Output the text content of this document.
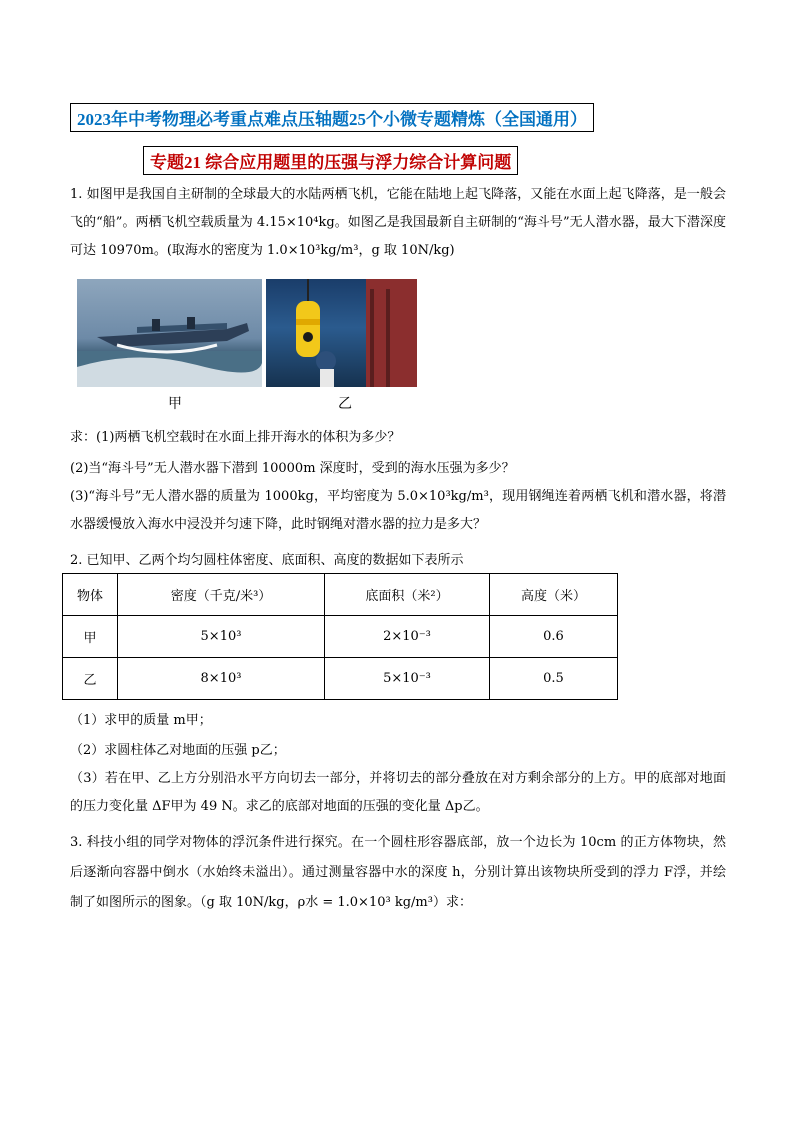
2023年中考物理必考重点难点压轴题25个小微专题精炼（全国通用）
专题21 综合应用题里的压强与浮力综合计算问题
1. 如图甲是我国自主研制的全球最大的水陆两栖飞机，它能在陆地上起飞降落，又能在水面上起飞降落，是一般会飞的“船”。两栖飞机空载质量为 4.15×10⁴kg。如图乙是我国最新自主研制的“海斗号”无人潜水器，最大下潜深度可达 10970m。(取海水的密度为 1.0×10³kg/m³，g 取 10N/kg)
甲	乙
求：(1)两栖飞机空载时在水面上排开海水的体积为多少？
(2)当“海斗号”无人潜水器下潜到 10000m 深度时，受到的海水压强为多少？
(3)“海斗号”无人潜水器的质量为 1000kg，平均密度为 5.0×10³kg/m³，现用钢绳连着两栖飞机和潜水器，将潜水器缓慢放入海水中浸没并匀速下降，此时钢绳对潜水器的拉力是多大？
2. 已知甲、乙两个均匀圆柱体密度、底面积、高度的数据如下表所示
物体	密度（千克/米³）	底面积（米²）	高度（米）
甲	5×10³	2×10⁻³	0.6
乙	8×10³	5×10⁻³	0.5
（1）求甲的质量 m甲；
（2）求圆柱体乙对地面的压强 p乙；
（3）若在甲、乙上方分别沿水平方向切去一部分，并将切去的部分叠放在对方剩余部分的上方。甲的底部对地面的压力变化量 ΔF甲为 49 N。求乙的底部对地面的压强的变化量 Δp乙。
3. 科技小组的同学对物体的浮沉条件进行探究。在一个圆柱形容器底部，放一个边长为 10cm 的正方体物块，然后逐渐向容器中倒水（水始终未溢出）。通过测量容器中水的深度 h，分别计算出该物块所受到的浮力 F浮，并绘制了如图所示的图象。（g 取 10N/kg，ρ水 = 1.0×10³ kg/m³）求：
